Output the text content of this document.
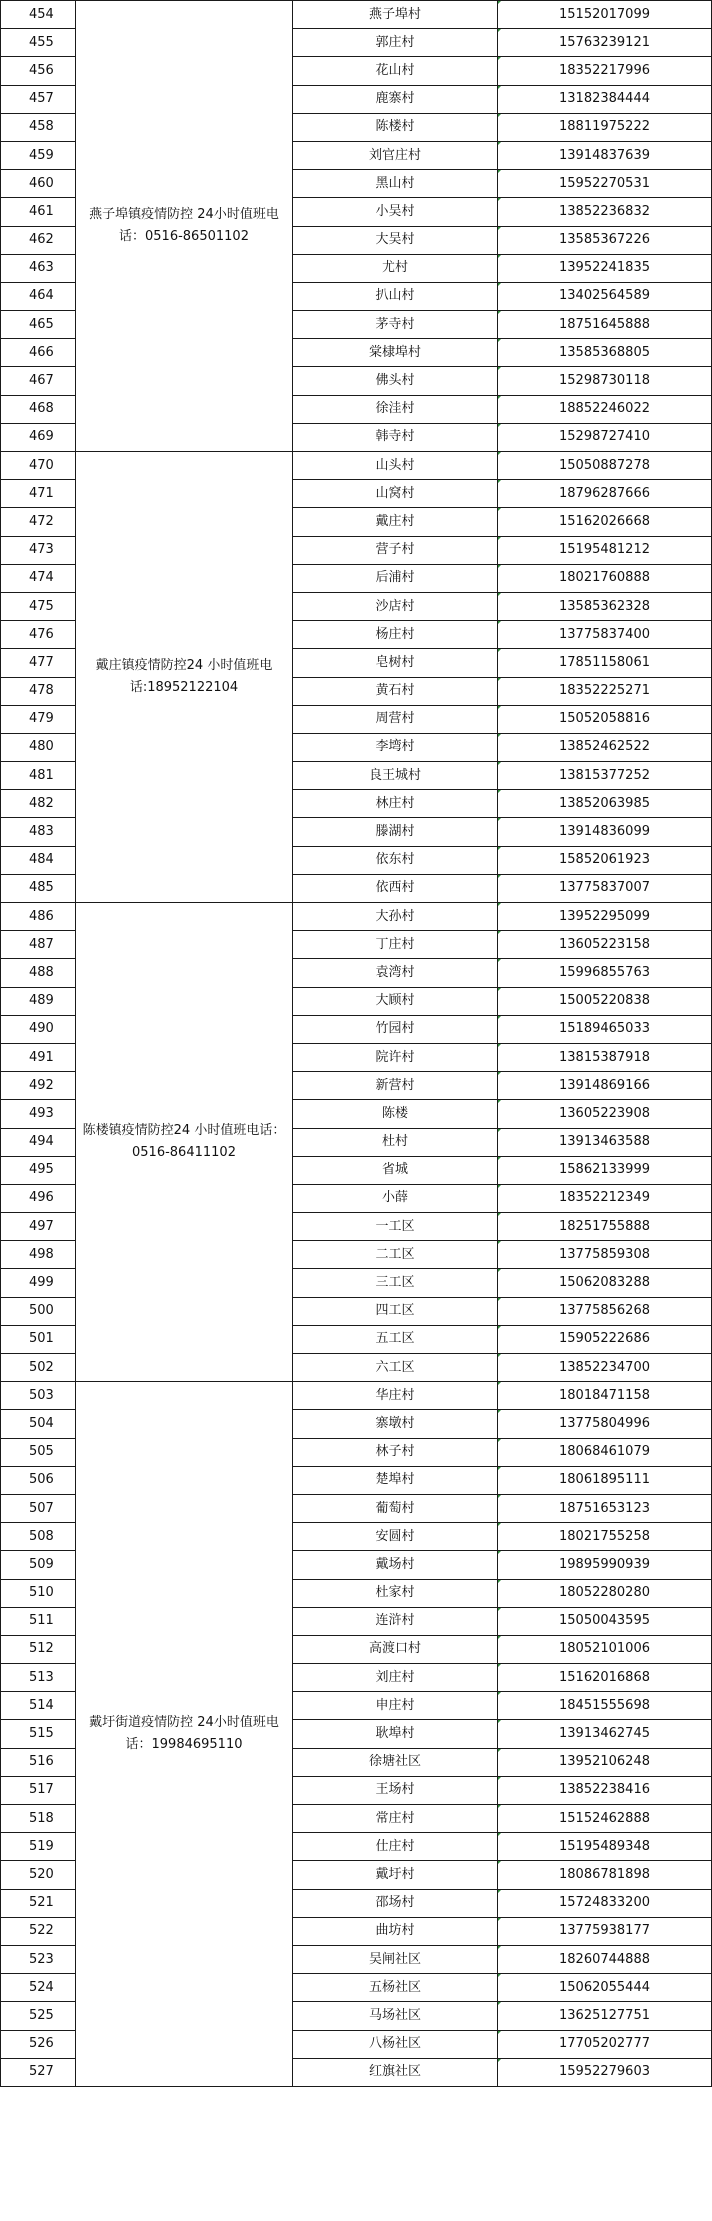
454	燕子埠镇疫情防控 24小时值班电话：0516-86501102	燕子埠村	15152017099
455		郭庄村	15763239121
456		花山村	18352217996
457		鹿寨村	13182384444
458		陈楼村	18811975222
459		刘官庄村	13914837639
460		黑山村	15952270531
461		小吴村	13852236832
462		大吴村	13585367226
463		尤村	13952241835
464		扒山村	13402564589
465		茅寺村	18751645888
466		棠棣埠村	13585368805
467		佛头村	15298730118
468		徐洼村	18852246022
469		韩寺村	15298727410
470	戴庄镇疫情防控24 小时值班电话:18952122104	山头村	15050887278
471		山窝村	18796287666
472		戴庄村	15162026668
473		营子村	15195481212
474		后浦村	18021760888
475		沙店村	13585362328
476		杨庄村	13775837400
477		皂树村	17851158061
478		黄石村	18352225271
479		周营村	15052058816
480		李塆村	13852462522
481		良王城村	13815377252
482		林庄村	13852063985
483		滕湖村	13914836099
484		依东村	15852061923
485		依西村	13775837007
486	陈楼镇疫情防控24 小时值班电话：0516-86411102	大孙村	13952295099
487		丁庄村	13605223158
488		袁湾村	15996855763
489		大顾村	15005220838
490		竹园村	15189465033
491		院许村	13815387918
492		新营村	13914869166
493		陈楼	13605223908
494		杜村	13913463588
495		省城	15862133999
496		小薛	18352212349
497		一工区	18251755888
498		二工区	13775859308
499		三工区	15062083288
500		四工区	13775856268
501		五工区	15905222686
502		六工区	13852234700
503	戴圩街道疫情防控 24小时值班电话：19984695110	华庄村	18018471158
504		寨墩村	13775804996
505		林子村	18068461079
506		楚埠村	18061895111
507		葡萄村	18751653123
508		安圆村	18021755258
509		戴场村	19895990939
510		杜家村	18052280280
511		连浒村	15050043595
512		高渡口村	18052101006
513		刘庄村	15162016868
514		申庄村	18451555698
515		耿埠村	13913462745
516		徐塘社区	13952106248
517		王场村	13852238416
518		常庄村	15152462888
519		仕庄村	15195489348
520		戴圩村	18086781898
521		邵场村	15724833200
522		曲坊村	13775938177
523		吴闸社区	18260744888
524		五杨社区	15062055444
525		马场社区	13625127751
526		八杨社区	17705202777
527		红旗社区	15952279603
